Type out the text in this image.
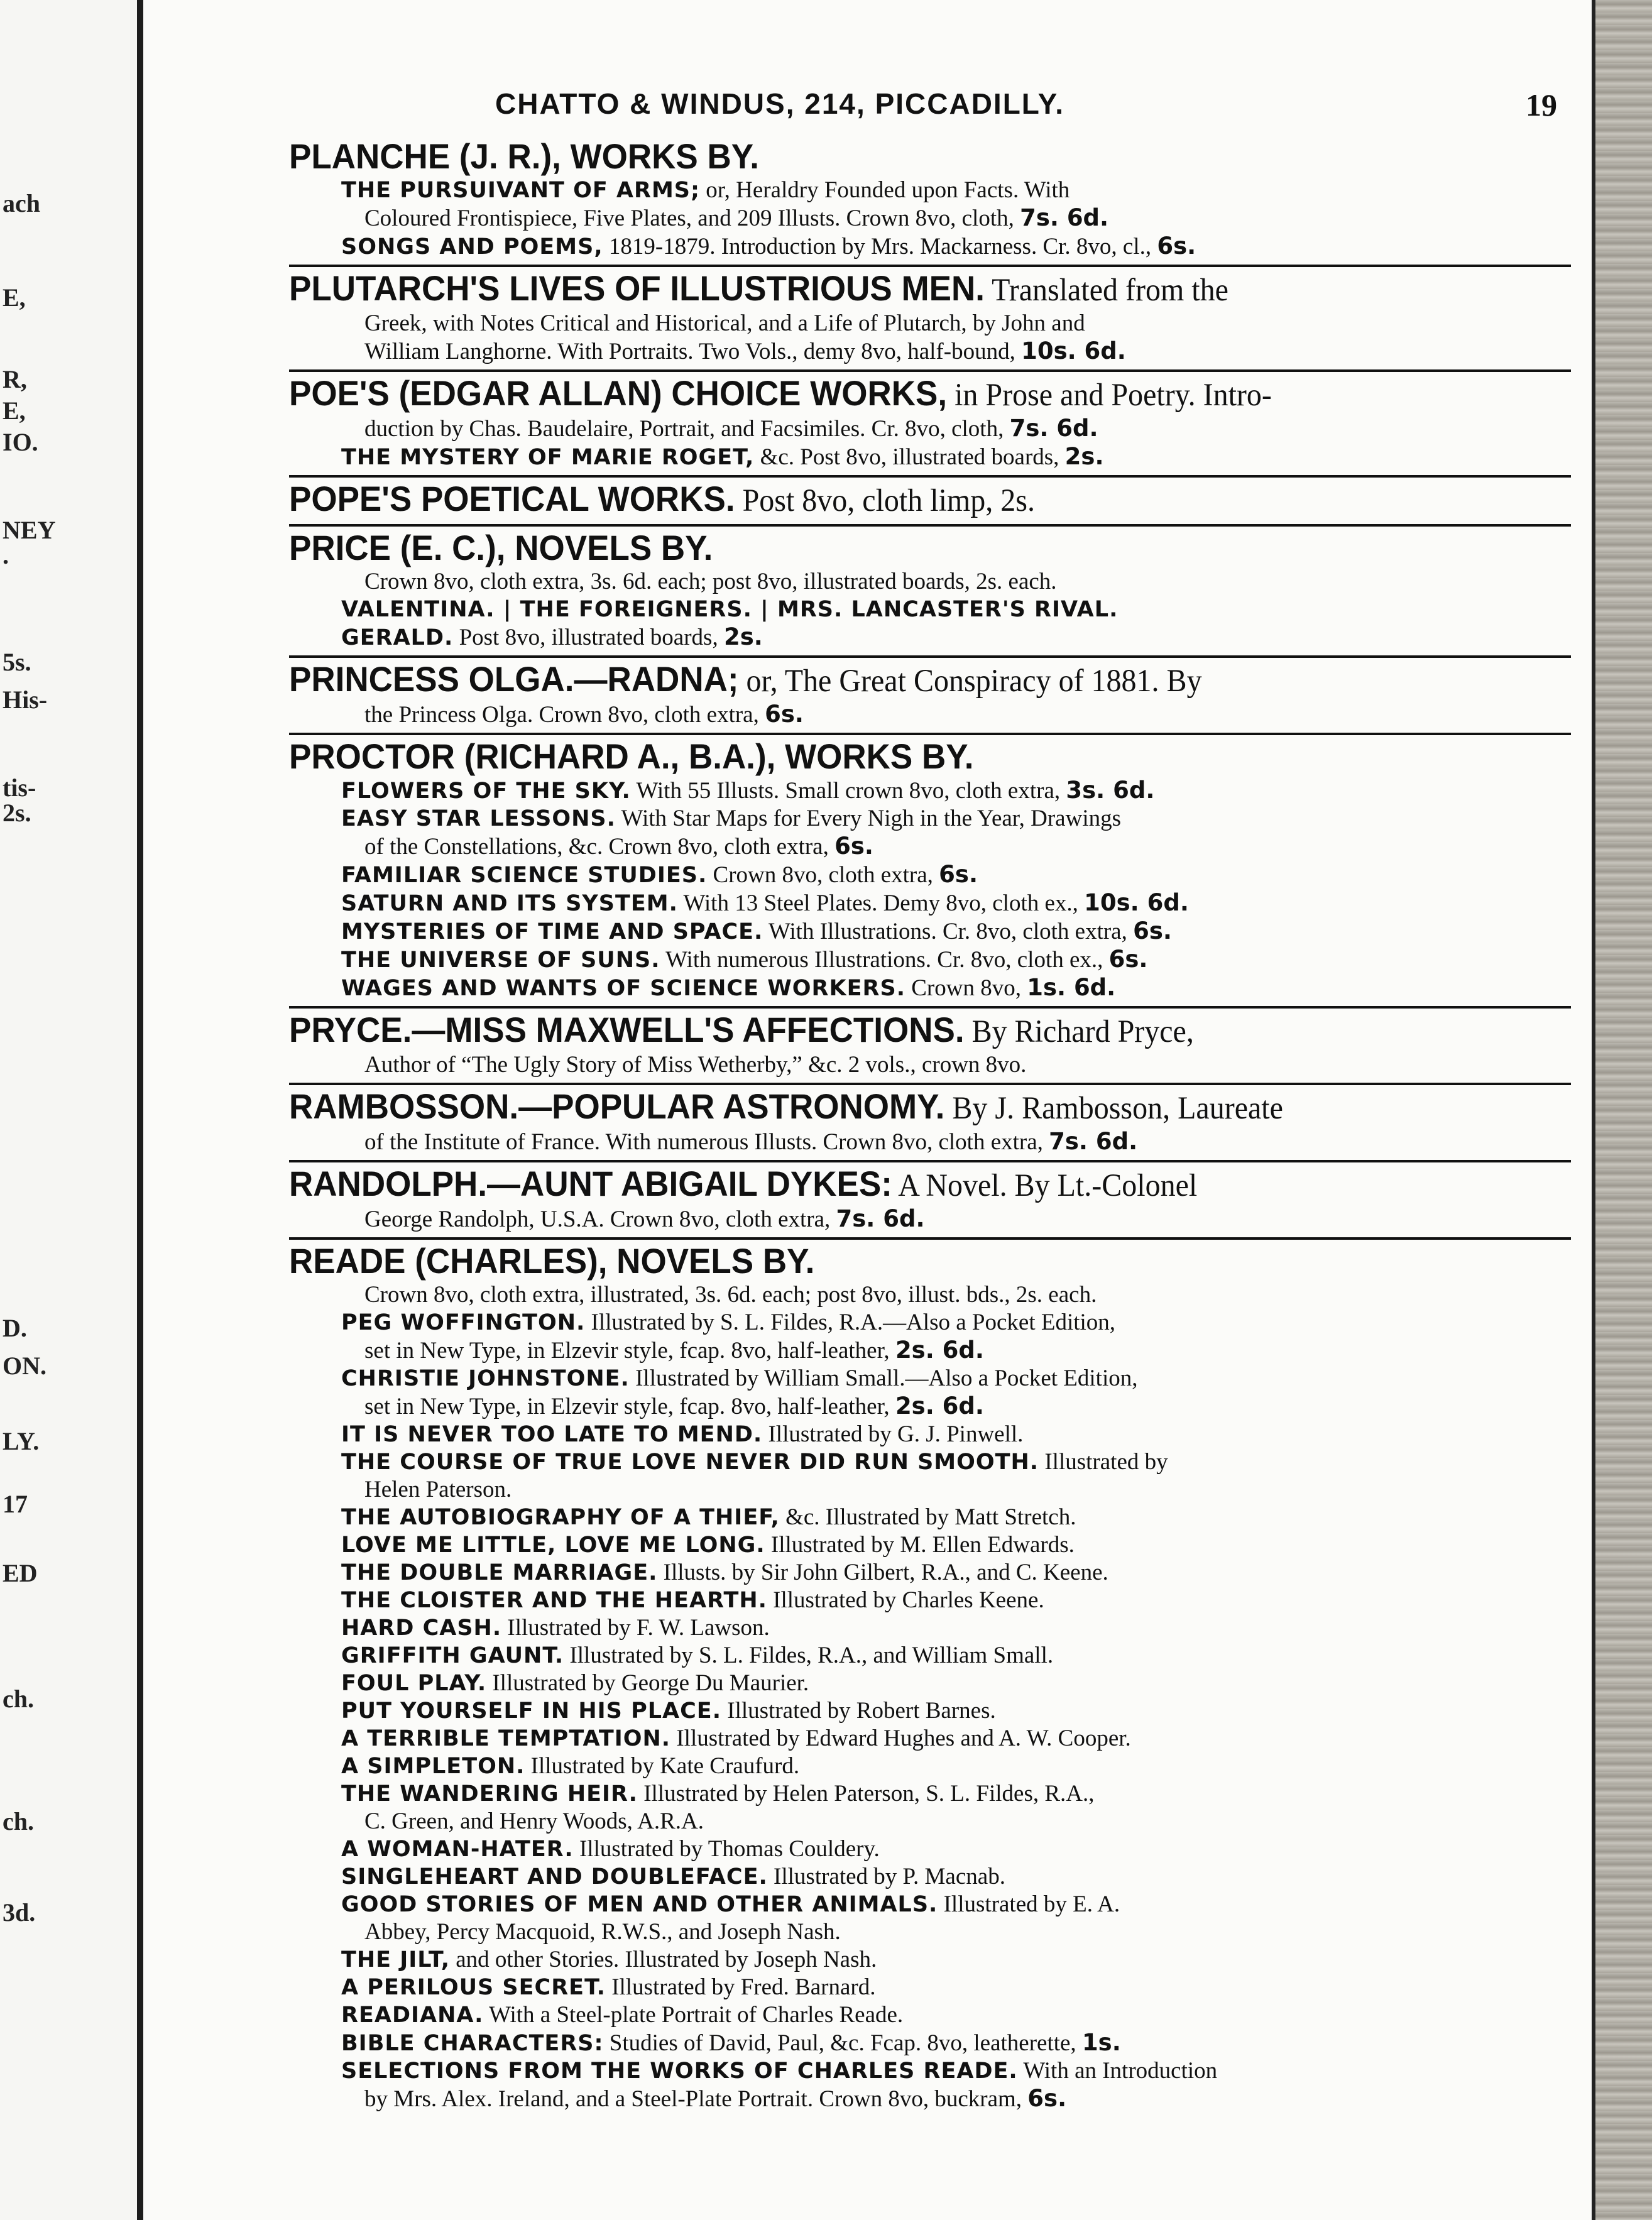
ach
E,
R,
E,
IO.
NEY
.
5s.
His-
tis-
2s.
D.
ON.
LY.
17
ED
ch.
ch.
3d.
CHATTO & WINDUS, 214, PICCADILLY.	19
PLANCHE (J. R.), WORKS BY.
THE PURSUIVANT OF ARMS; or, Heraldry Founded upon Facts. With
Coloured Frontispiece, Five Plates, and 209 Illusts. Crown 8vo, cloth, 7s. 6d.
SONGS AND POEMS, 1819-1879. Introduction by Mrs. Mackarness. Cr. 8vo, cl., 6s.
PLUTARCH'S LIVES OF ILLUSTRIOUS MEN. Translated from the
Greek, with Notes Critical and Historical, and a Life of Plutarch, by John and
William Langhorne. With Portraits. Two Vols., demy 8vo, half-bound, 10s. 6d.
POE'S (EDGAR ALLAN) CHOICE WORKS, in Prose and Poetry. Intro-
duction by Chas. Baudelaire, Portrait, and Facsimiles. Cr. 8vo, cloth, 7s. 6d.
THE MYSTERY OF MARIE ROGET, &c. Post 8vo, illustrated boards, 2s.
POPE'S POETICAL WORKS. Post 8vo, cloth limp, 2s.
PRICE (E. C.), NOVELS BY.
Crown 8vo, cloth extra, 3s. 6d. each; post 8vo, illustrated boards, 2s. each.
VALENTINA. | THE FOREIGNERS. | MRS. LANCASTER'S RIVAL.
GERALD. Post 8vo, illustrated boards, 2s.
PRINCESS OLGA.—RADNA; or, The Great Conspiracy of 1881. By
the Princess Olga. Crown 8vo, cloth extra, 6s.
PROCTOR (RICHARD A., B.A.), WORKS BY.
FLOWERS OF THE SKY. With 55 Illusts. Small crown 8vo, cloth extra, 3s. 6d.
EASY STAR LESSONS. With Star Maps for Every Nigh in the Year, Drawings
of the Constellations, &c. Crown 8vo, cloth extra, 6s.
FAMILIAR SCIENCE STUDIES. Crown 8vo, cloth extra, 6s.
SATURN AND ITS SYSTEM. With 13 Steel Plates. Demy 8vo, cloth ex., 10s. 6d.
MYSTERIES OF TIME AND SPACE. With Illustrations. Cr. 8vo, cloth extra, 6s.
THE UNIVERSE OF SUNS. With numerous Illustrations. Cr. 8vo, cloth ex., 6s.
WAGES AND WANTS OF SCIENCE WORKERS. Crown 8vo, 1s. 6d.
PRYCE.—MISS MAXWELL'S AFFECTIONS. By Richard Pryce,
Author of “The Ugly Story of Miss Wetherby,” &c. 2 vols., crown 8vo.
RAMBOSSON.—POPULAR ASTRONOMY. By J. Rambosson, Laureate
of the Institute of France. With numerous Illusts. Crown 8vo, cloth extra, 7s. 6d.
RANDOLPH.—AUNT ABIGAIL DYKES: A Novel. By Lt.-Colonel
George Randolph, U.S.A. Crown 8vo, cloth extra, 7s. 6d.
READE (CHARLES), NOVELS BY.
Crown 8vo, cloth extra, illustrated, 3s. 6d. each; post 8vo, illust. bds., 2s. each.
PEG WOFFINGTON. Illustrated by S. L. Fildes, R.A.—Also a Pocket Edition,
set in New Type, in Elzevir style, fcap. 8vo, half-leather, 2s. 6d.
CHRISTIE JOHNSTONE. Illustrated by William Small.—Also a Pocket Edition,
set in New Type, in Elzevir style, fcap. 8vo, half-leather, 2s. 6d.
IT IS NEVER TOO LATE TO MEND. Illustrated by G. J. Pinwell.
THE COURSE OF TRUE LOVE NEVER DID RUN SMOOTH. Illustrated by
Helen Paterson.
THE AUTOBIOGRAPHY OF A THIEF, &c. Illustrated by Matt Stretch.
LOVE ME LITTLE, LOVE ME LONG. Illustrated by M. Ellen Edwards.
THE DOUBLE MARRIAGE. Illusts. by Sir John Gilbert, R.A., and C. Keene.
THE CLOISTER AND THE HEARTH. Illustrated by Charles Keene.
HARD CASH. Illustrated by F. W. Lawson.
GRIFFITH GAUNT. Illustrated by S. L. Fildes, R.A., and William Small.
FOUL PLAY. Illustrated by George Du Maurier.
PUT YOURSELF IN HIS PLACE. Illustrated by Robert Barnes.
A TERRIBLE TEMPTATION. Illustrated by Edward Hughes and A. W. Cooper.
A SIMPLETON. Illustrated by Kate Craufurd.
THE WANDERING HEIR. Illustrated by Helen Paterson, S. L. Fildes, R.A.,
C. Green, and Henry Woods, A.R.A.
A WOMAN-HATER. Illustrated by Thomas Couldery.
SINGLEHEART AND DOUBLEFACE. Illustrated by P. Macnab.
GOOD STORIES OF MEN AND OTHER ANIMALS. Illustrated by E. A.
Abbey, Percy Macquoid, R.W.S., and Joseph Nash.
THE JILT, and other Stories. Illustrated by Joseph Nash.
A PERILOUS SECRET. Illustrated by Fred. Barnard.
READIANA. With a Steel-plate Portrait of Charles Reade.
BIBLE CHARACTERS: Studies of David, Paul, &c. Fcap. 8vo, leatherette, 1s.
SELECTIONS FROM THE WORKS OF CHARLES READE. With an Introduction
by Mrs. Alex. Ireland, and a Steel-Plate Portrait. Crown 8vo, buckram, 6s.
